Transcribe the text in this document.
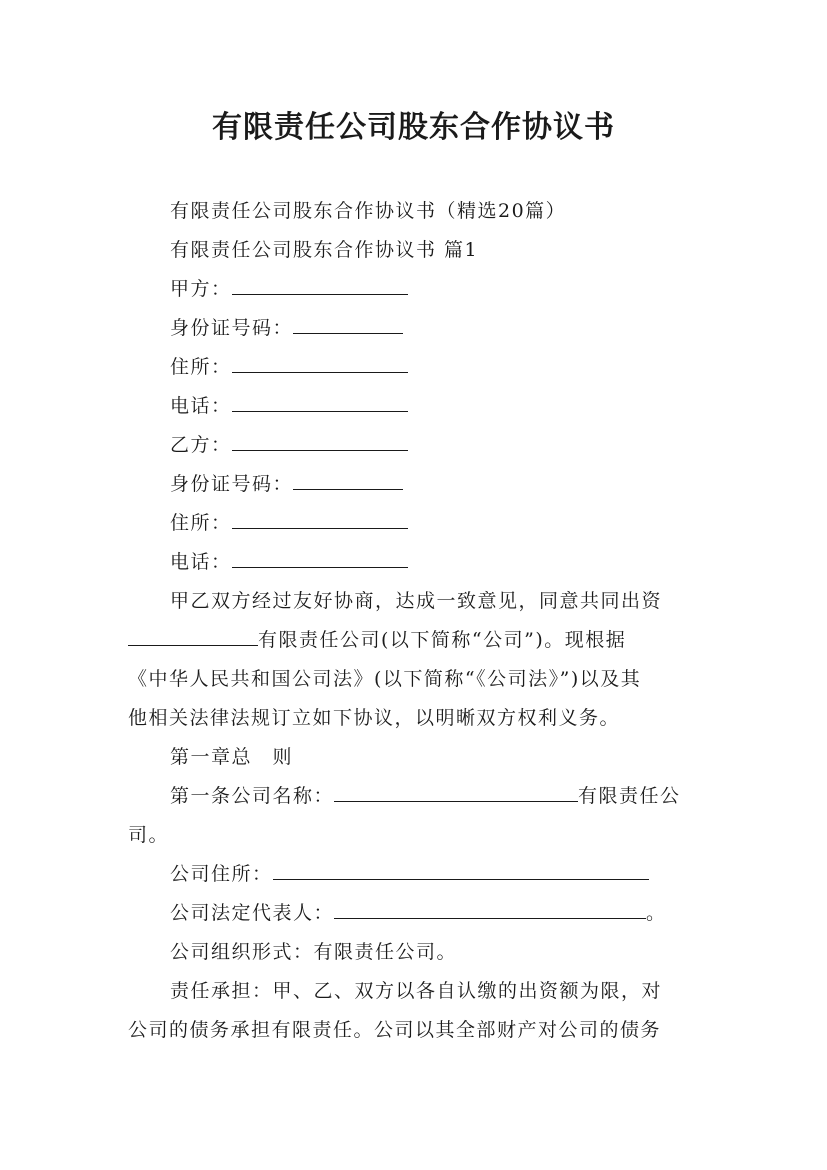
有限责任公司股东合作协议书
有限责任公司股东合作协议书（精选20篇）
有限责任公司股东合作协议书 篇1
甲方：
身份证号码：
住所：
电话：
乙方：
身份证号码：
住所：
电话：
甲乙双方经过友好协商，达成一致意见，同意共同出资
有限责任公司(以下简称“公司”)。现根据
《中华人民共和国公司法》(以下简称“《公司法》”)以及其
他相关法律法规订立如下协议，以明晰双方权利义务。
第一章总　则
第一条公司名称：	有限责任公
司。
公司住所：
公司法定代表人：	。
公司组织形式：有限责任公司。
责任承担：甲、乙、双方以各自认缴的出资额为限，对
公司的债务承担有限责任。公司以其全部财产对公司的债务
